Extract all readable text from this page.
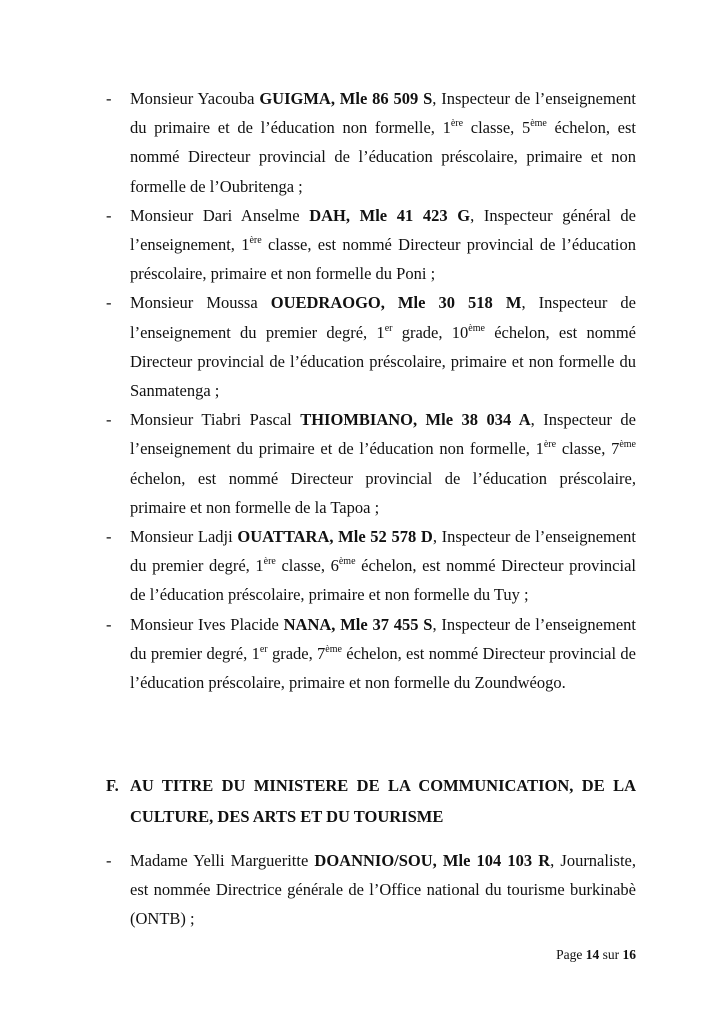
- Monsieur Yacouba GUIGMA, Mle 86 509 S, Inspecteur de l’enseignement du primaire et de l’éducation non formelle, 1ère classe, 5ème échelon, est nommé Directeur provincial de l’éducation préscolaire, primaire et non formelle de l’Oubritenga ;
- Monsieur Dari Anselme DAH, Mle 41 423 G, Inspecteur général de l’enseignement, 1ère classe, est nommé Directeur provincial de l’éducation préscolaire, primaire et non formelle du Poni ;
- Monsieur Moussa OUEDRAOGO, Mle 30 518 M, Inspecteur de l’enseignement du premier degré, 1er grade, 10ème échelon, est nommé Directeur provincial de l’éducation préscolaire, primaire et non formelle du Sanmatenga ;
- Monsieur Tiabri Pascal THIOMBIANO, Mle 38 034 A, Inspecteur de l’enseignement du primaire et de l’éducation non formelle, 1ère classe, 7ème échelon, est nommé Directeur provincial de l’éducation préscolaire, primaire et non formelle de la Tapoa ;
- Monsieur Ladji OUATTARA, Mle 52 578 D, Inspecteur de l’enseignement du premier degré, 1ère classe, 6ème échelon, est nommé Directeur provincial de l’éducation préscolaire, primaire et non formelle du Tuy ;
- Monsieur Ives Placide NANA, Mle 37 455 S, Inspecteur de l’enseignement du premier degré, 1er grade, 7ème échelon, est nommé Directeur provincial de l’éducation préscolaire, primaire et non formelle du Zoundwéogo.
F. AU TITRE DU MINISTERE DE LA COMMUNICATION, DE LA CULTURE, DES ARTS ET DU TOURISME
- Madame Yelli Margueritte DOANNIO/SOU, Mle 104 103 R, Journaliste, est nommée Directrice générale de l’Office national du tourisme burkinabè (ONTB) ;
Page 14 sur 16
